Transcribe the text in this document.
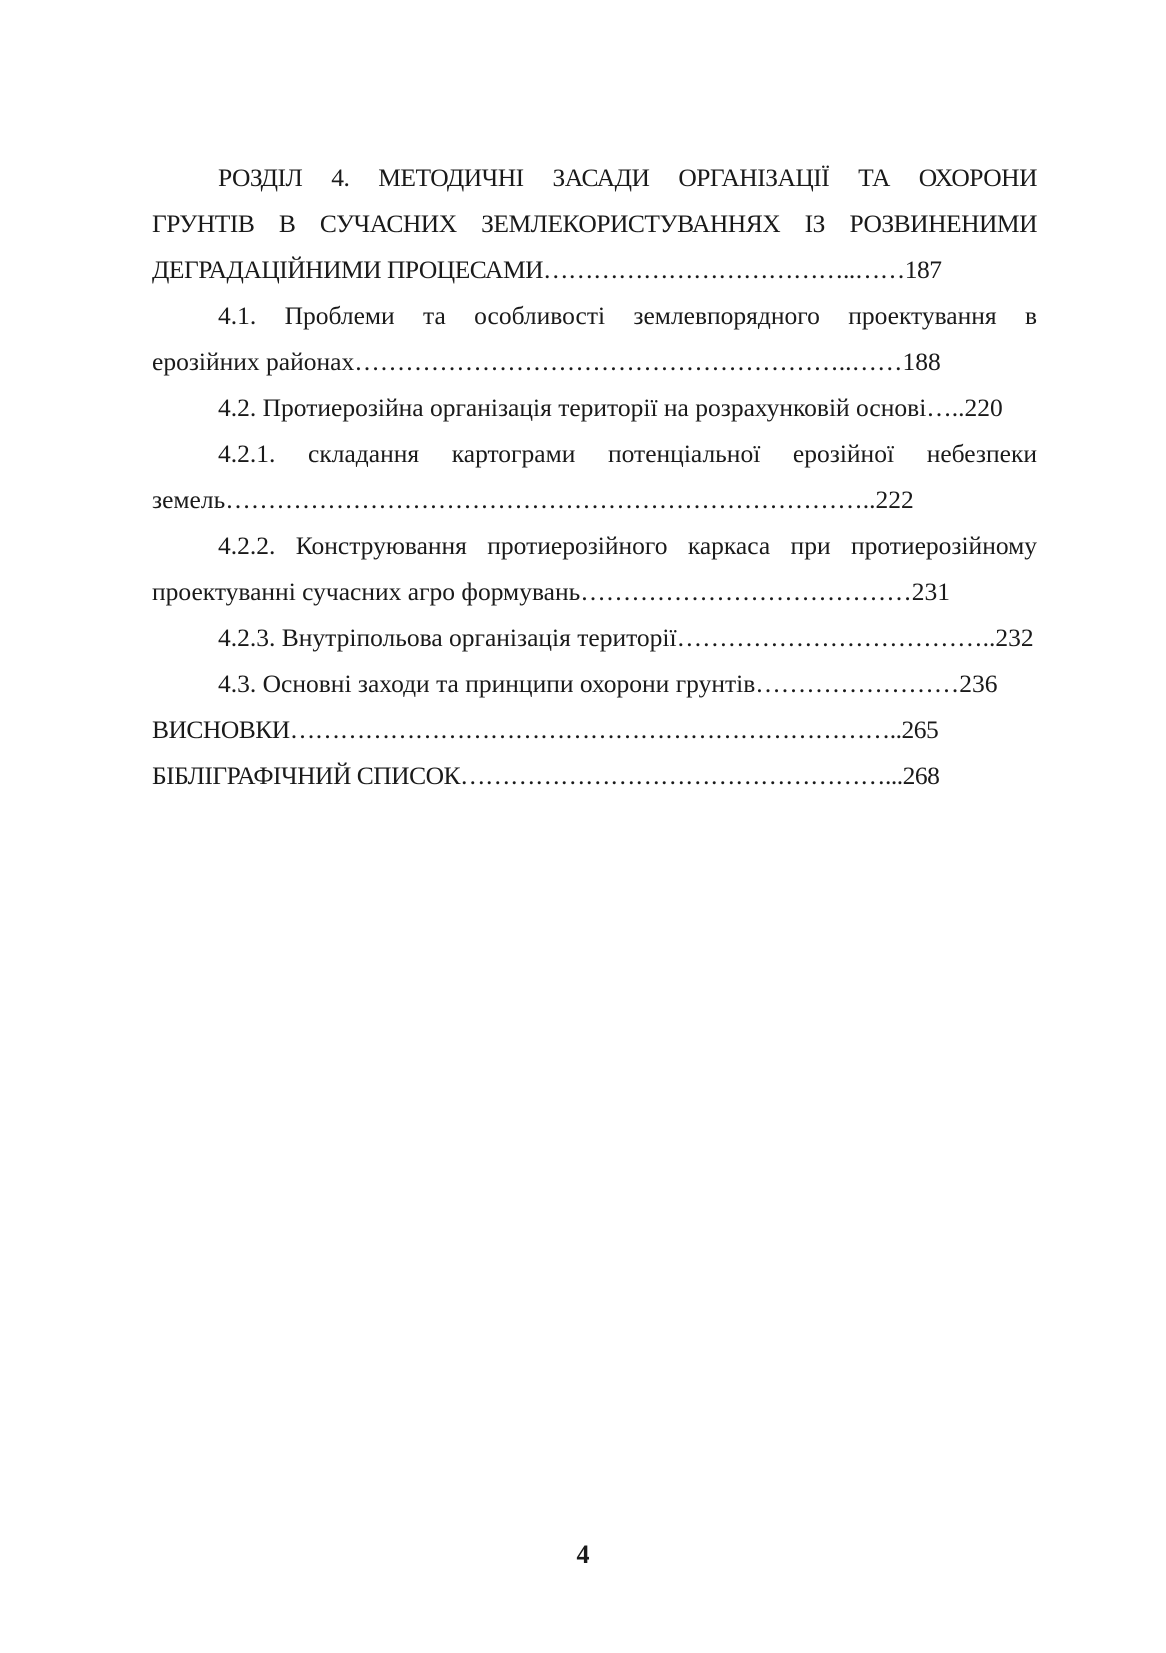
РОЗДІЛ 4. МЕТОДИЧНІ ЗАСАДИ ОРГАНІЗАЦІЇ ТА ОХОРОНИ

ГРУНТІВ В СУЧАСНИХ ЗЕМЛЕКОРИСТУВАННЯХ ІЗ РОЗВИНЕНИМИ

ДЕГРАДАЦІЙНИМИ ПРОЦЕСАМИ………………………………..……187

4.1. Проблеми та особливості землевпорядного проектування в

ерозійних районах…………………………………………………..……188

4.2. Протиерозійна організація території на розрахунковій основі…..220

4.2.1. складання картограми потенціальної ерозійної небезпеки

земель…………………………………………………………………..222

4.2.2. Конструювання протиерозійного каркаса при протиерозійному

проектуванні сучасних агро формувань…………………………………231

4.2.3. Внутріпольова організація території………………………………..232

4.3. Основні заходи та принципи охорони грунтів……………………236

ВИСНОВКИ………………………………………………………………..265

БІБЛІГРАФІЧНИЙ СПИСОК……………………………………………...268

4
